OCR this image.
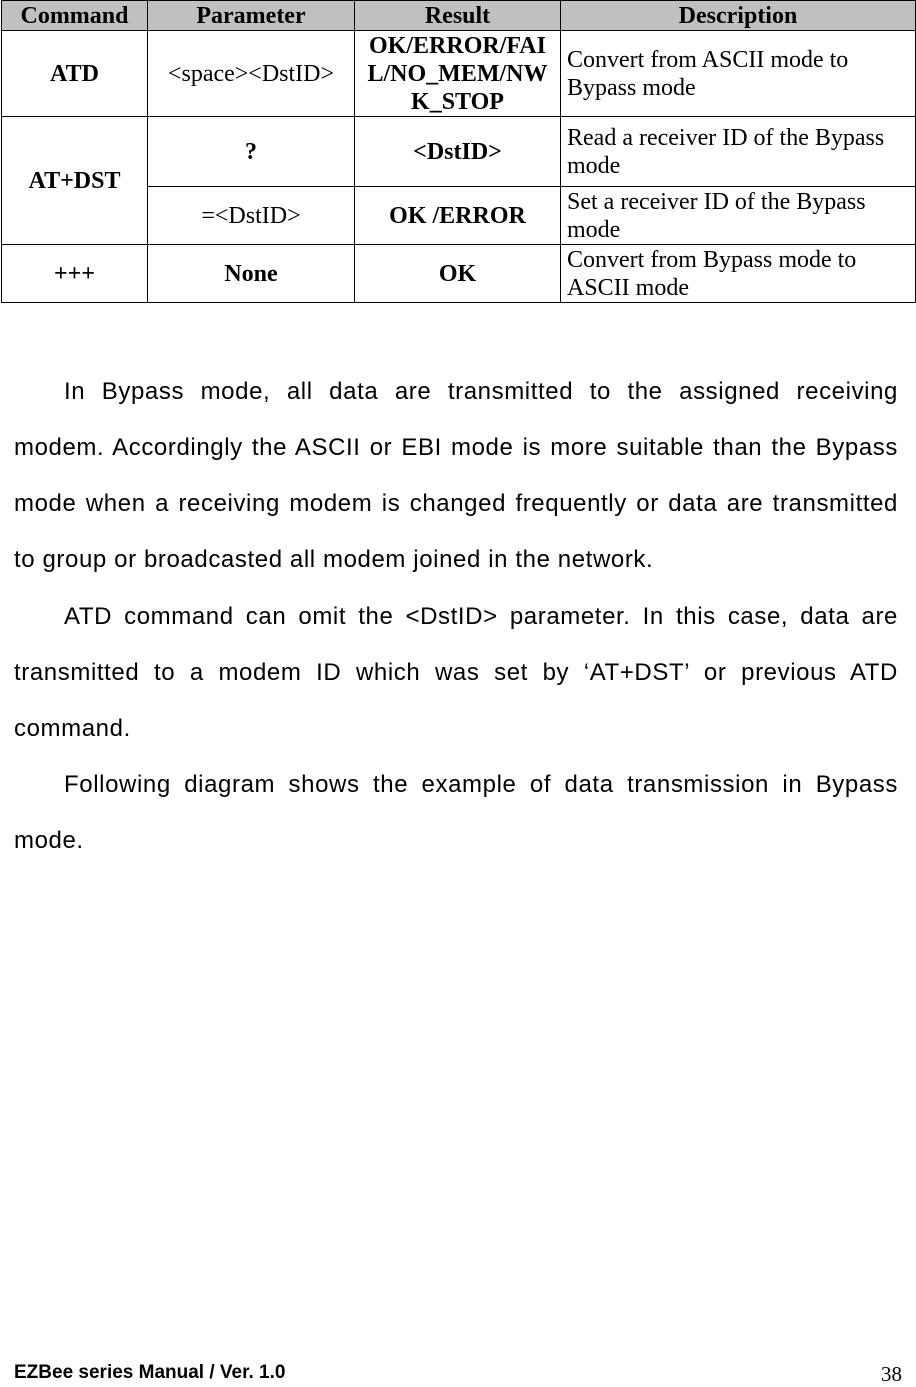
Command	Parameter	Result	Description
ATD	<space><DstID>	OK/ERROR/FAIL/NO_MEM/NWK_STOP	Convert from ASCII mode to Bypass mode
AT+DST	?	<DstID>	Read a receiver ID of the Bypass mode
	=<DstID>	OK /ERROR	Set a receiver ID of the Bypass mode
+++	None	OK	Convert from Bypass mode to ASCII mode

In Bypass mode, all data are transmitted to the assigned receiving modem. Accordingly the ASCII or EBI mode is more suitable than the Bypass mode when a receiving modem is changed frequently or data are transmitted to group or broadcasted all modem joined in the network.

ATD command can omit the <DstID> parameter. In this case, data are transmitted to a modem ID which was set by ‘AT+DST’ or previous ATD command.

Following diagram shows the example of data transmission in Bypass mode.

EZBee series Manual / Ver. 1.0	38
